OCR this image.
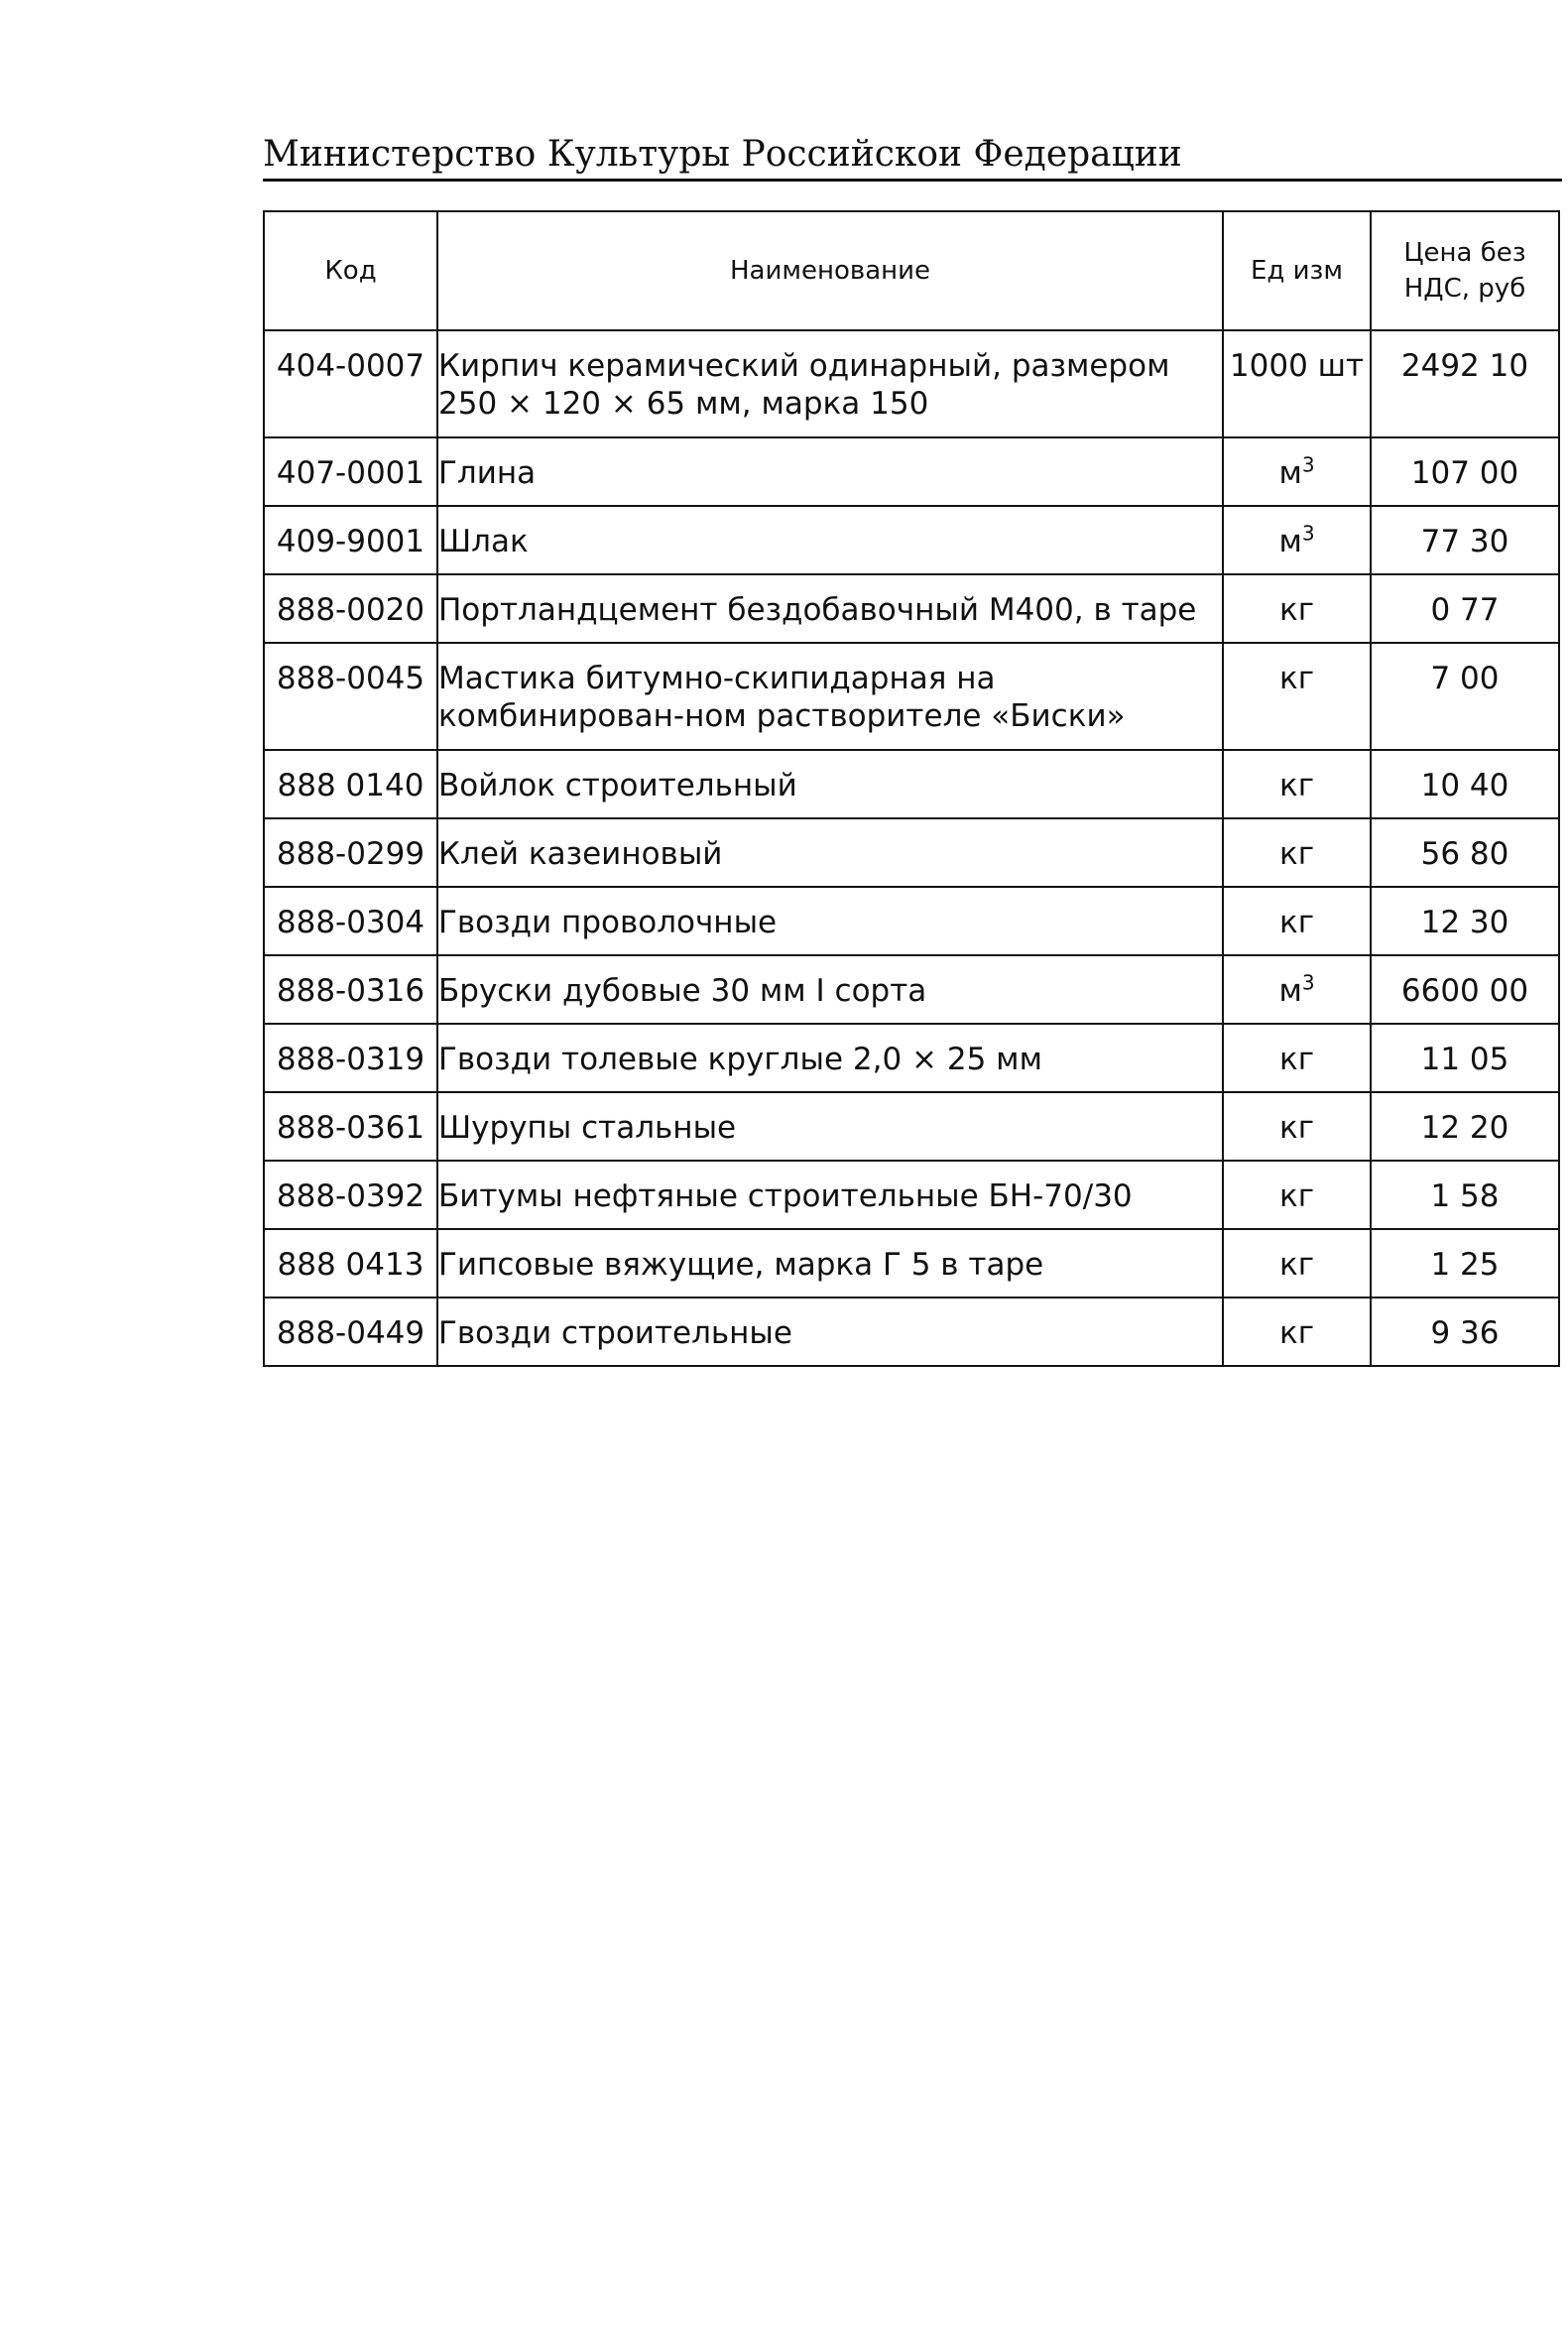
Министерство Культуры Российскои Федерации
Код	Наименование	Ед изм	Цена без НДС, руб
404-0007	Кирпич керамический одинарный, размером 250 × 120 × 65 мм, марка 150	1000 шт	2492 10
407-0001	Глина	$м^3$	107 00
409-9001	Шлак	$м^3$	77 30
888-0020	Портландцемент бездобавочный М400, в таре	кг	0 77
888-0045	Мастика битумно-скипидарная на комбинирован-ном растворителе «Биски»	кг	7 00
888 0140	Войлок строительный	кг	10 40
888-0299	Клей казеиновый	кг	56 80
888-0304	Гвозди проволочные	кг	12 30
888-0316	Бруски дубовые 30 мм I сорта	$м^3$	6600 00
888-0319	Гвозди толевые круглые 2,0 × 25 мм	кг	11 05
888-0361	Шурупы стальные	кг	12 20
888-0392	Битумы нефтяные строительные БН-70/30	кг	1 58
888 0413	Гипсовые вяжущие, марка Г 5 в таре	кг	1 25
888-0449	Гвозди строительные	кг	9 36
